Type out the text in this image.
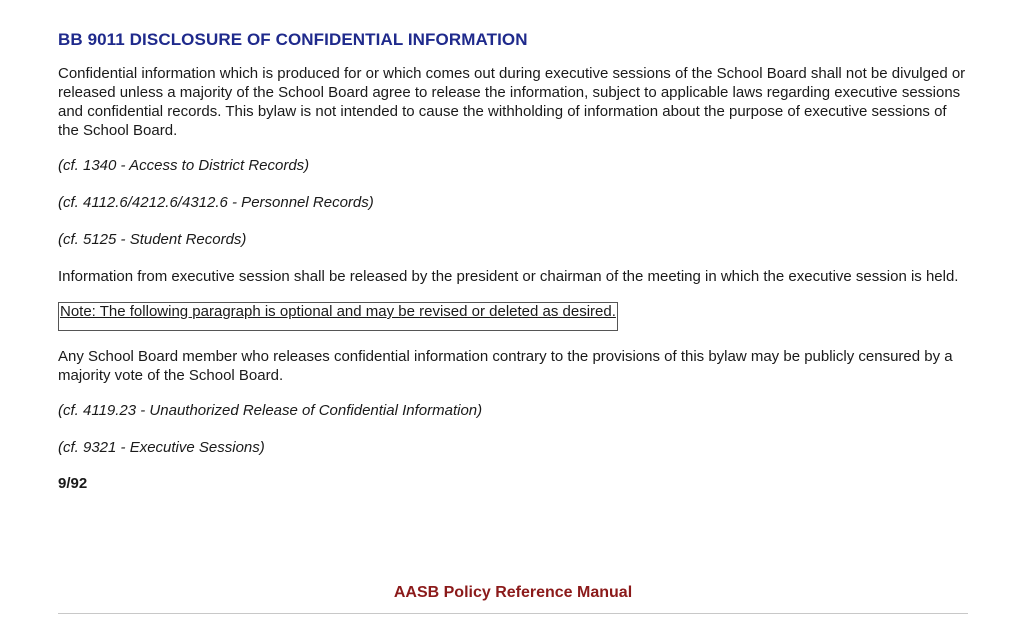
BB 9011 DISCLOSURE OF CONFIDENTIAL INFORMATION

Confidential information which is produced for or which comes out during executive sessions of the School Board shall not be divulged or released unless a majority of the School Board agree to release the information, subject to applicable laws regarding executive sessions and confidential records. This bylaw is not intended to cause the withholding of information about the purpose of executive sessions of the School Board.

(cf. 1340 - Access to District Records)

(cf. 4112.6/4212.6/4312.6 - Personnel Records)

(cf. 5125 - Student Records)

Information from executive session shall be released by the president or chairman of the meeting in which the executive session is held.

Note: The following paragraph is optional and may be revised or deleted as desired.

Any School Board member who releases confidential information contrary to the provisions of this bylaw may be publicly censured by a majority vote of the School Board.

(cf. 4119.23 - Unauthorized Release of Confidential Information)

(cf. 9321 - Executive Sessions)

9/92

AASB Policy Reference Manual
